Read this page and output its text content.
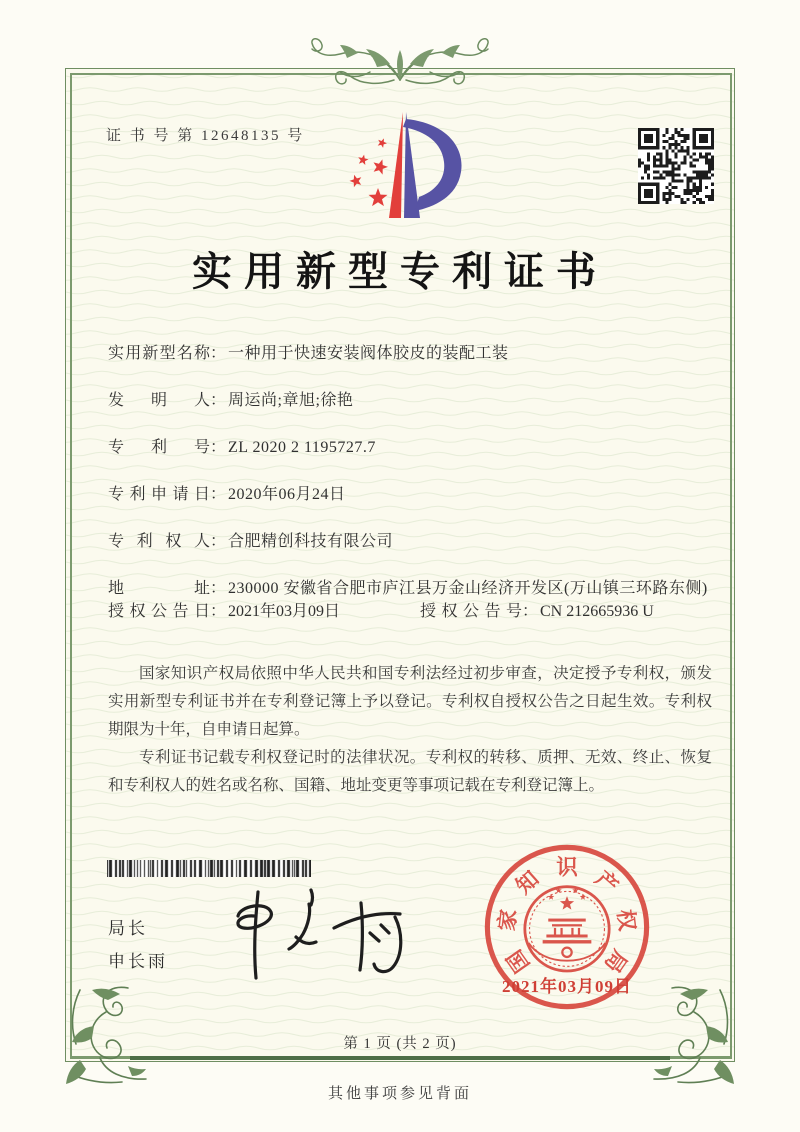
证 书 号 第 12648135 号
实用新型专利证书
实用新型名称 ： 一种用于快速安装阀体胶皮的装配工装
发明人 ： 周运尚;章旭;徐艳
专利号 ： ZL 2020 2 1195727.7
专利申请日 ： 2020年06月24日
专利权人 ： 合肥精创科技有限公司
地址 ： 230000 安徽省合肥市庐江县万金山经济开发区(万山镇三环路东侧)
授权公告日 ： 2021年03月09日	授权公告号 ： CN 212665936 U

国家知识产权局依照中华人民共和国专利法经过初步审查，决定授予专利权，颁发实用新型专利证书并在专利登记簿上予以登记。专利权自授权公告之日起生效。专利权期限为十年，自申请日起算。

专利证书记载专利权登记时的法律状况。专利权的转移、质押、无效、终止、恢复和专利权人的姓名或名称、国籍、地址变更等事项记载在专利登记簿上。

局长
申长雨	国
家
知 识 产
权
局
2021年03月09日
第 1 页 (共 2 页)
其他事项参见背面
